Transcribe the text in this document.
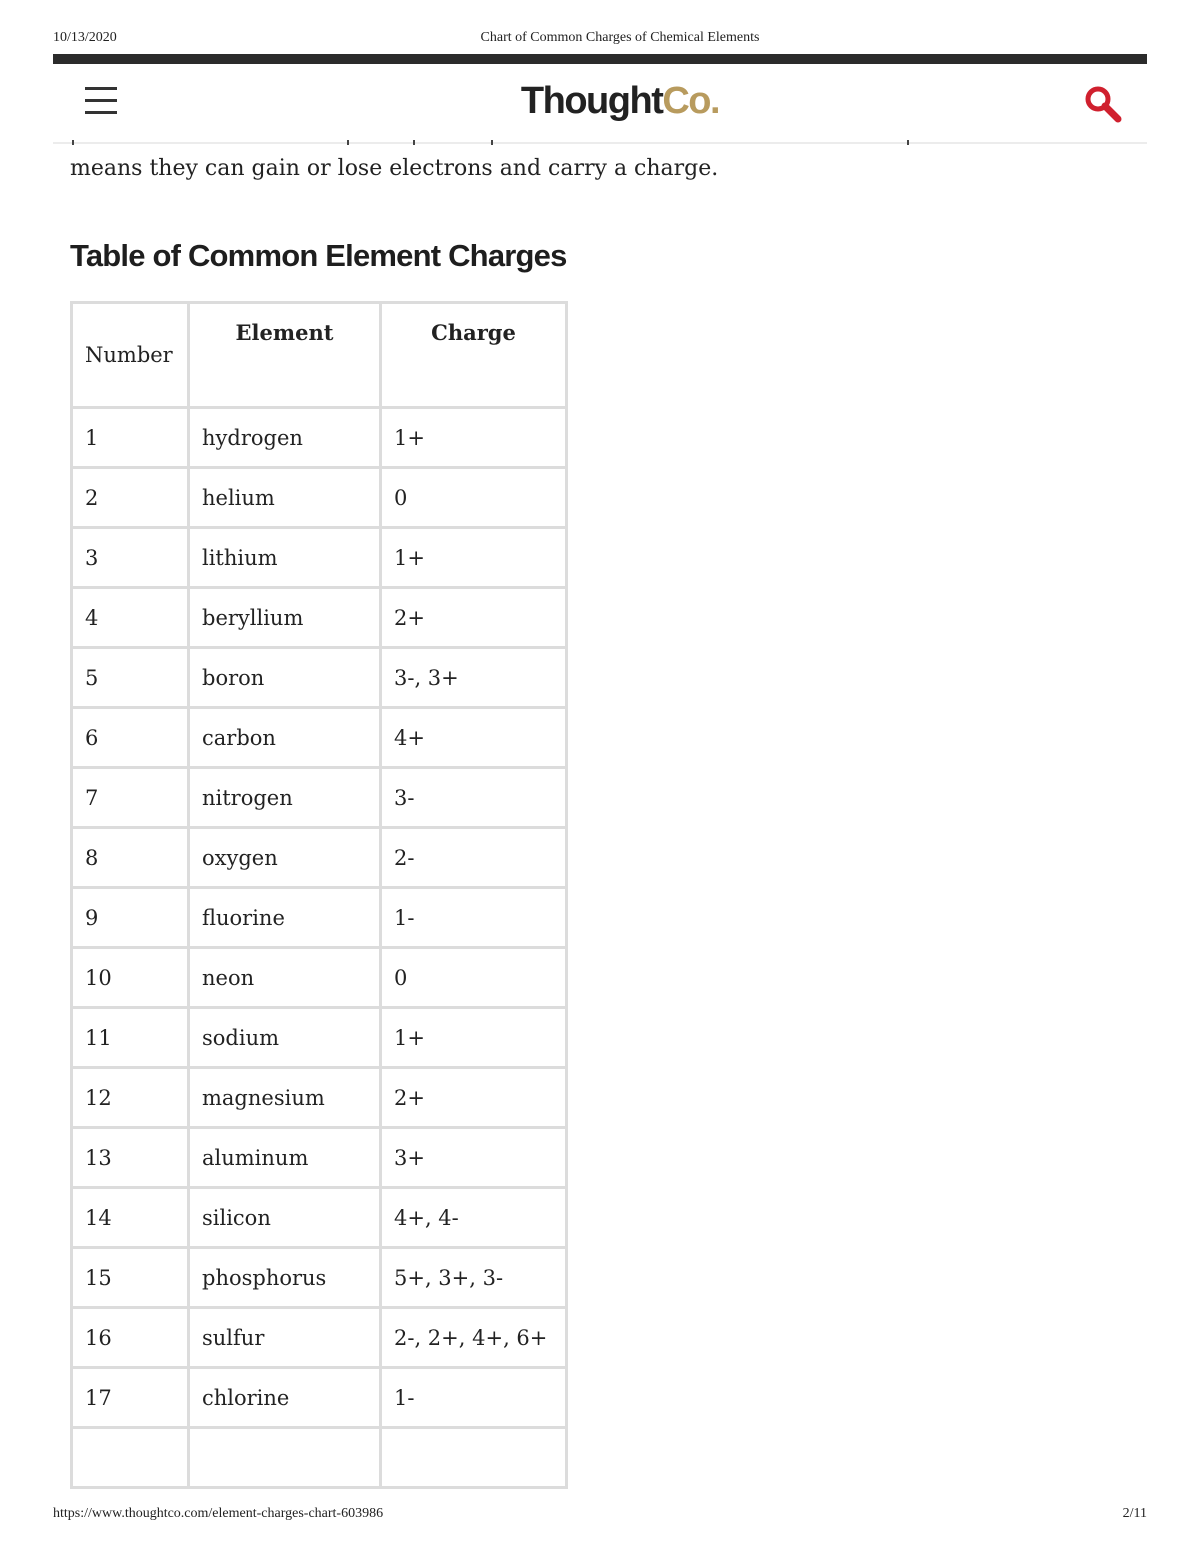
10/13/2020	Chart of Common Charges of Chemical Elements
ThoughtCo.

means they can gain or lose electrons and carry a charge.

Table of Common Element Charges
Number	Element	Charge
1	hydrogen	1+
2	helium	0
3	lithium	1+
4	beryllium	2+
5	boron	3-, 3+
6	carbon	4+
7	nitrogen	3-
8	oxygen	2-
9	fluorine	1-
10	neon	0
11	sodium	1+
12	magnesium	2+
13	aluminum	3+
14	silicon	4+, 4-
15	phosphorus	5+, 3+, 3-
16	sulfur	2-, 2+, 4+, 6+
17	chlorine	1-

https://www.thoughtco.com/element-charges-chart-603986	2/11
